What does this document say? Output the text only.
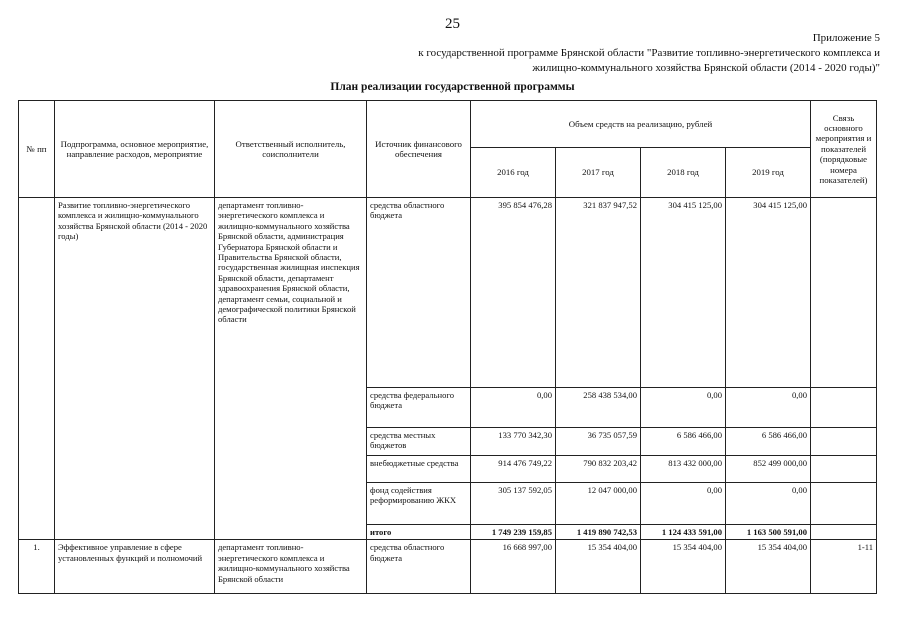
25
Приложение 5
к государственной программе Брянской области "Развитие топливно-энергетического комплекса и
жилищно-коммунального хозяйства Брянской области (2014 - 2020 годы)"
План реализации государственной программы
№ пп	Подпрограмма, основное мероприятие, направление расходов, мероприятие	Ответственный исполнитель, соисполнители	Источник финансового обеспечения	Объем средств на реализацию, рублей				Связь основного мероприятия и показателей (порядковые номера показателей)
				2016 год	2017 год	2018 год	2019 год	
	Развитие топливно-энергетического комплекса и жилищно-коммунального хозяйства Брянской области (2014 - 2020 годы)	департамент топливно-энергетического комплекса и жилищно-коммунального хозяйства Брянской области, администрация Губернатора Брянской области и Правительства Брянской области, государственная жилищная инспекция Брянской области, департамент здравоохранения Брянской области, департамент семьи, социальной и демографической политики Брянской области	средства областного бюджета	395 854 476,28	321 837 947,52	304 415 125,00	304 415 125,00	
			средства федерального бюджета	0,00	258 438 534,00	0,00	0,00	
			средства местных бюджетов	133 770 342,30	36 735 057,59	6 586 466,00	6 586 466,00	
			внебюджетные средства	914 476 749,22	790 832 203,42	813 432 000,00	852 499 000,00	
			фонд содействия реформированию ЖКХ	305 137 592,05	12 047 000,00	0,00	0,00	
			итого	1 749 239 159,85	1 419 890 742,53	1 124 433 591,00	1 163 500 591,00	
1.	Эффективное управление в сфере установленных функций и полномочий	департамент топливно-энергетического комплекса и жилищно-коммунального хозяйства Брянской области	средства областного бюджета	16 668 997,00	15 354 404,00	15 354 404,00	15 354 404,00	1-11
